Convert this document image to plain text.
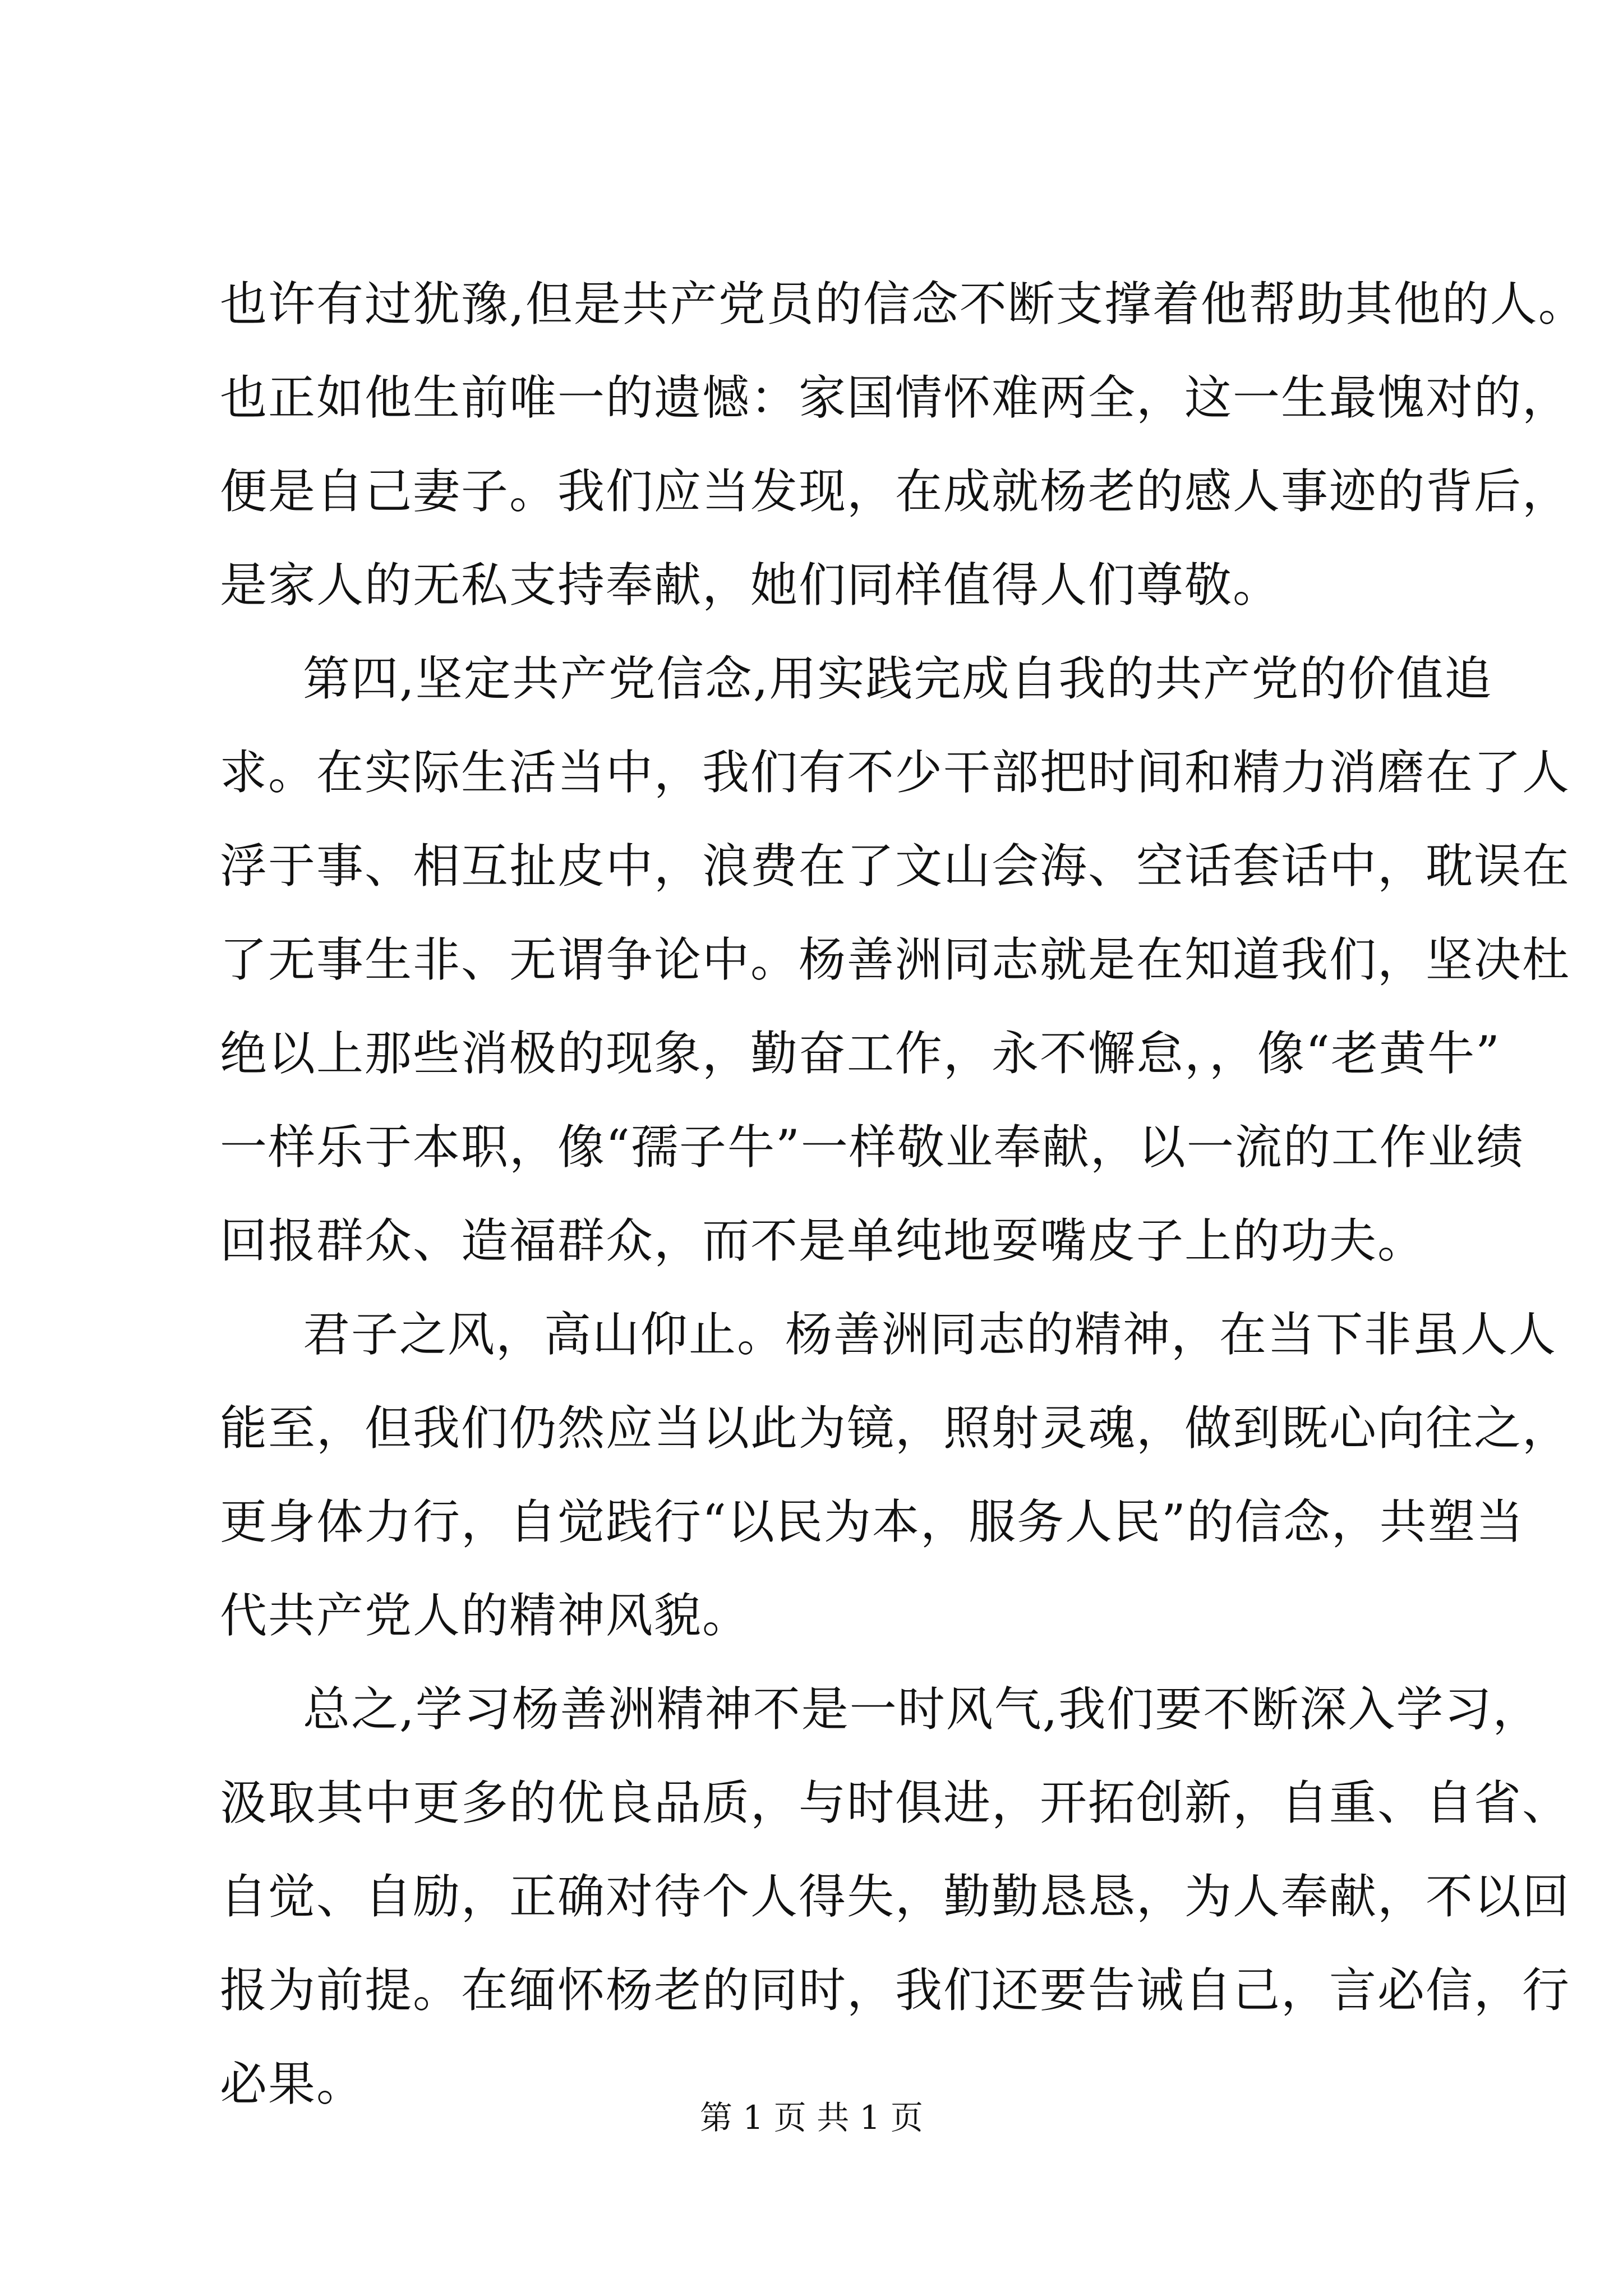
也许有过犹豫,但是共产党员的信念不断支撑着他帮助其他的人。
也正如他生前唯一的遗憾：家国情怀难两全，这一生最愧对的，
便是自己妻子。我们应当发现，在成就杨老的感人事迹的背后，
是家人的无私支持奉献，她们同样值得人们尊敬。
第四,坚定共产党信念,用实践完成自我的共产党的价值追
求。在实际生活当中，我们有不少干部把时间和精力消磨在了人
浮于事、相互扯皮中，浪费在了文山会海、空话套话中，耽误在
了无事生非、无谓争论中。杨善洲同志就是在知道我们，坚决杜
绝以上那些消极的现象，勤奋工作，永不懈怠，，像“老黄牛”
一样乐于本职，像“孺子牛”一样敬业奉献，以一流的工作业绩
回报群众、造福群众，而不是单纯地耍嘴皮子上的功夫。
君子之风，高山仰止。杨善洲同志的精神，在当下非虽人人
能至，但我们仍然应当以此为镜，照射灵魂，做到既心向往之，
更身体力行，自觉践行“以民为本，服务人民”的信念，共塑当
代共产党人的精神风貌。
总之,学习杨善洲精神不是一时风气,我们要不断深入学习，
汲取其中更多的优良品质，与时俱进，开拓创新，自重、自省、
自觉、自励，正确对待个人得失，勤勤恳恳，为人奉献，不以回
报为前提。在缅怀杨老的同时，我们还要告诫自己，言必信，行
必果。
第 1 页 共 1 页
